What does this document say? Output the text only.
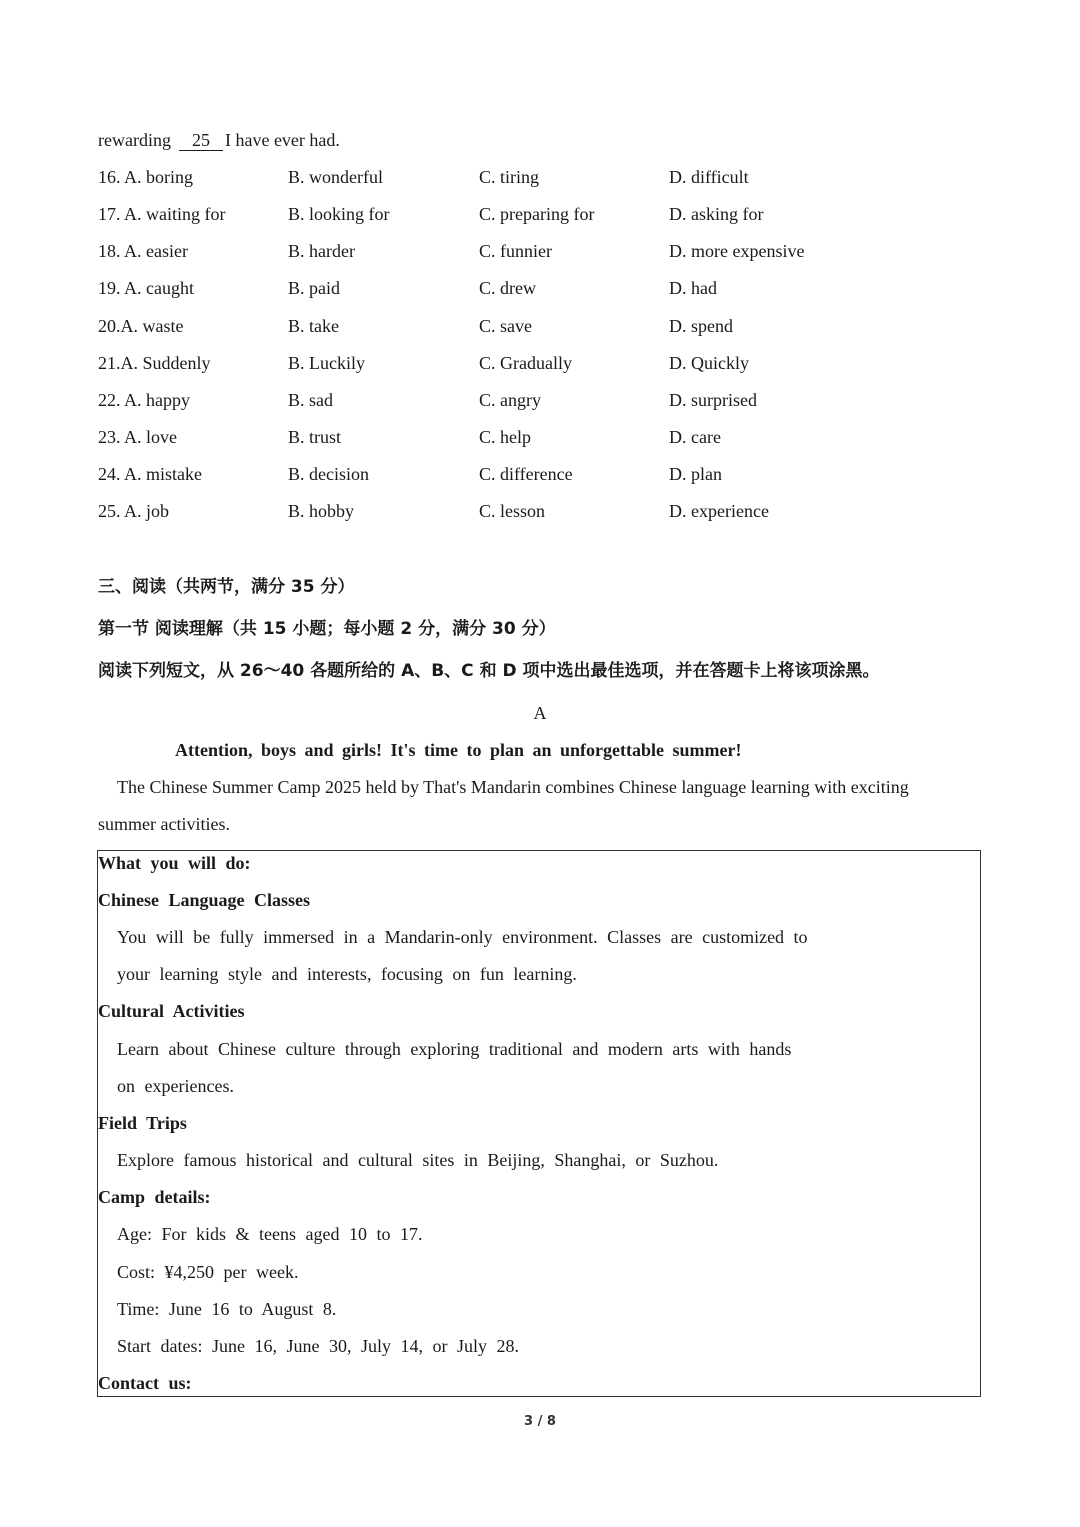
rewarding 25 I have ever had.
16. A. boring	B. wonderful	C. tiring	D. difficult
17. A. waiting for	B. looking for	C. preparing for	D. asking for
18. A. easier	B. harder	C. funnier	D. more expensive
19. A. caught	B. paid	C. drew	D. had
20.A. waste	B. take	C. save	D. spend
21.A. Suddenly	B. Luckily	C. Gradually	D. Quickly
22. A. happy	B. sad	C. angry	D. surprised
23. A. love	B. trust	C. help	D. care
24. A. mistake	B. decision	C. difference	D. plan
25. A. job	B. hobby	C. lesson	D. experience
三、阅读（共两节，满分 35 分）
第一节 阅读理解（共 15 小题；每小题 2 分，满分 30 分）
阅读下列短文，从 26～40 各题所给的 A、B、C 和 D 项中选出最佳选项，并在答题卡上将该项涂黑。
A
Attention, boys and girls! It's time to plan an unforgettable summer!
The Chinese Summer Camp 2025 held by That's Mandarin combines Chinese language learning with exciting
summer activities.
What you will do:
Chinese Language Classes
You will be fully immersed in a Mandarin-only environment. Classes are customized to
your learning style and interests, focusing on fun learning.
Cultural Activities
Learn about Chinese culture through exploring traditional and modern arts with hands
on experiences.
Field Trips
Explore famous historical and cultural sites in Beijing, Shanghai, or Suzhou.
Camp details:
Age: For kids & teens aged 10 to 17.
Cost: ¥4,250 per week.
Time: June 16 to August 8.
Start dates: June 16, June 30, July 14, or July 28.
Contact us:
3 / 8
